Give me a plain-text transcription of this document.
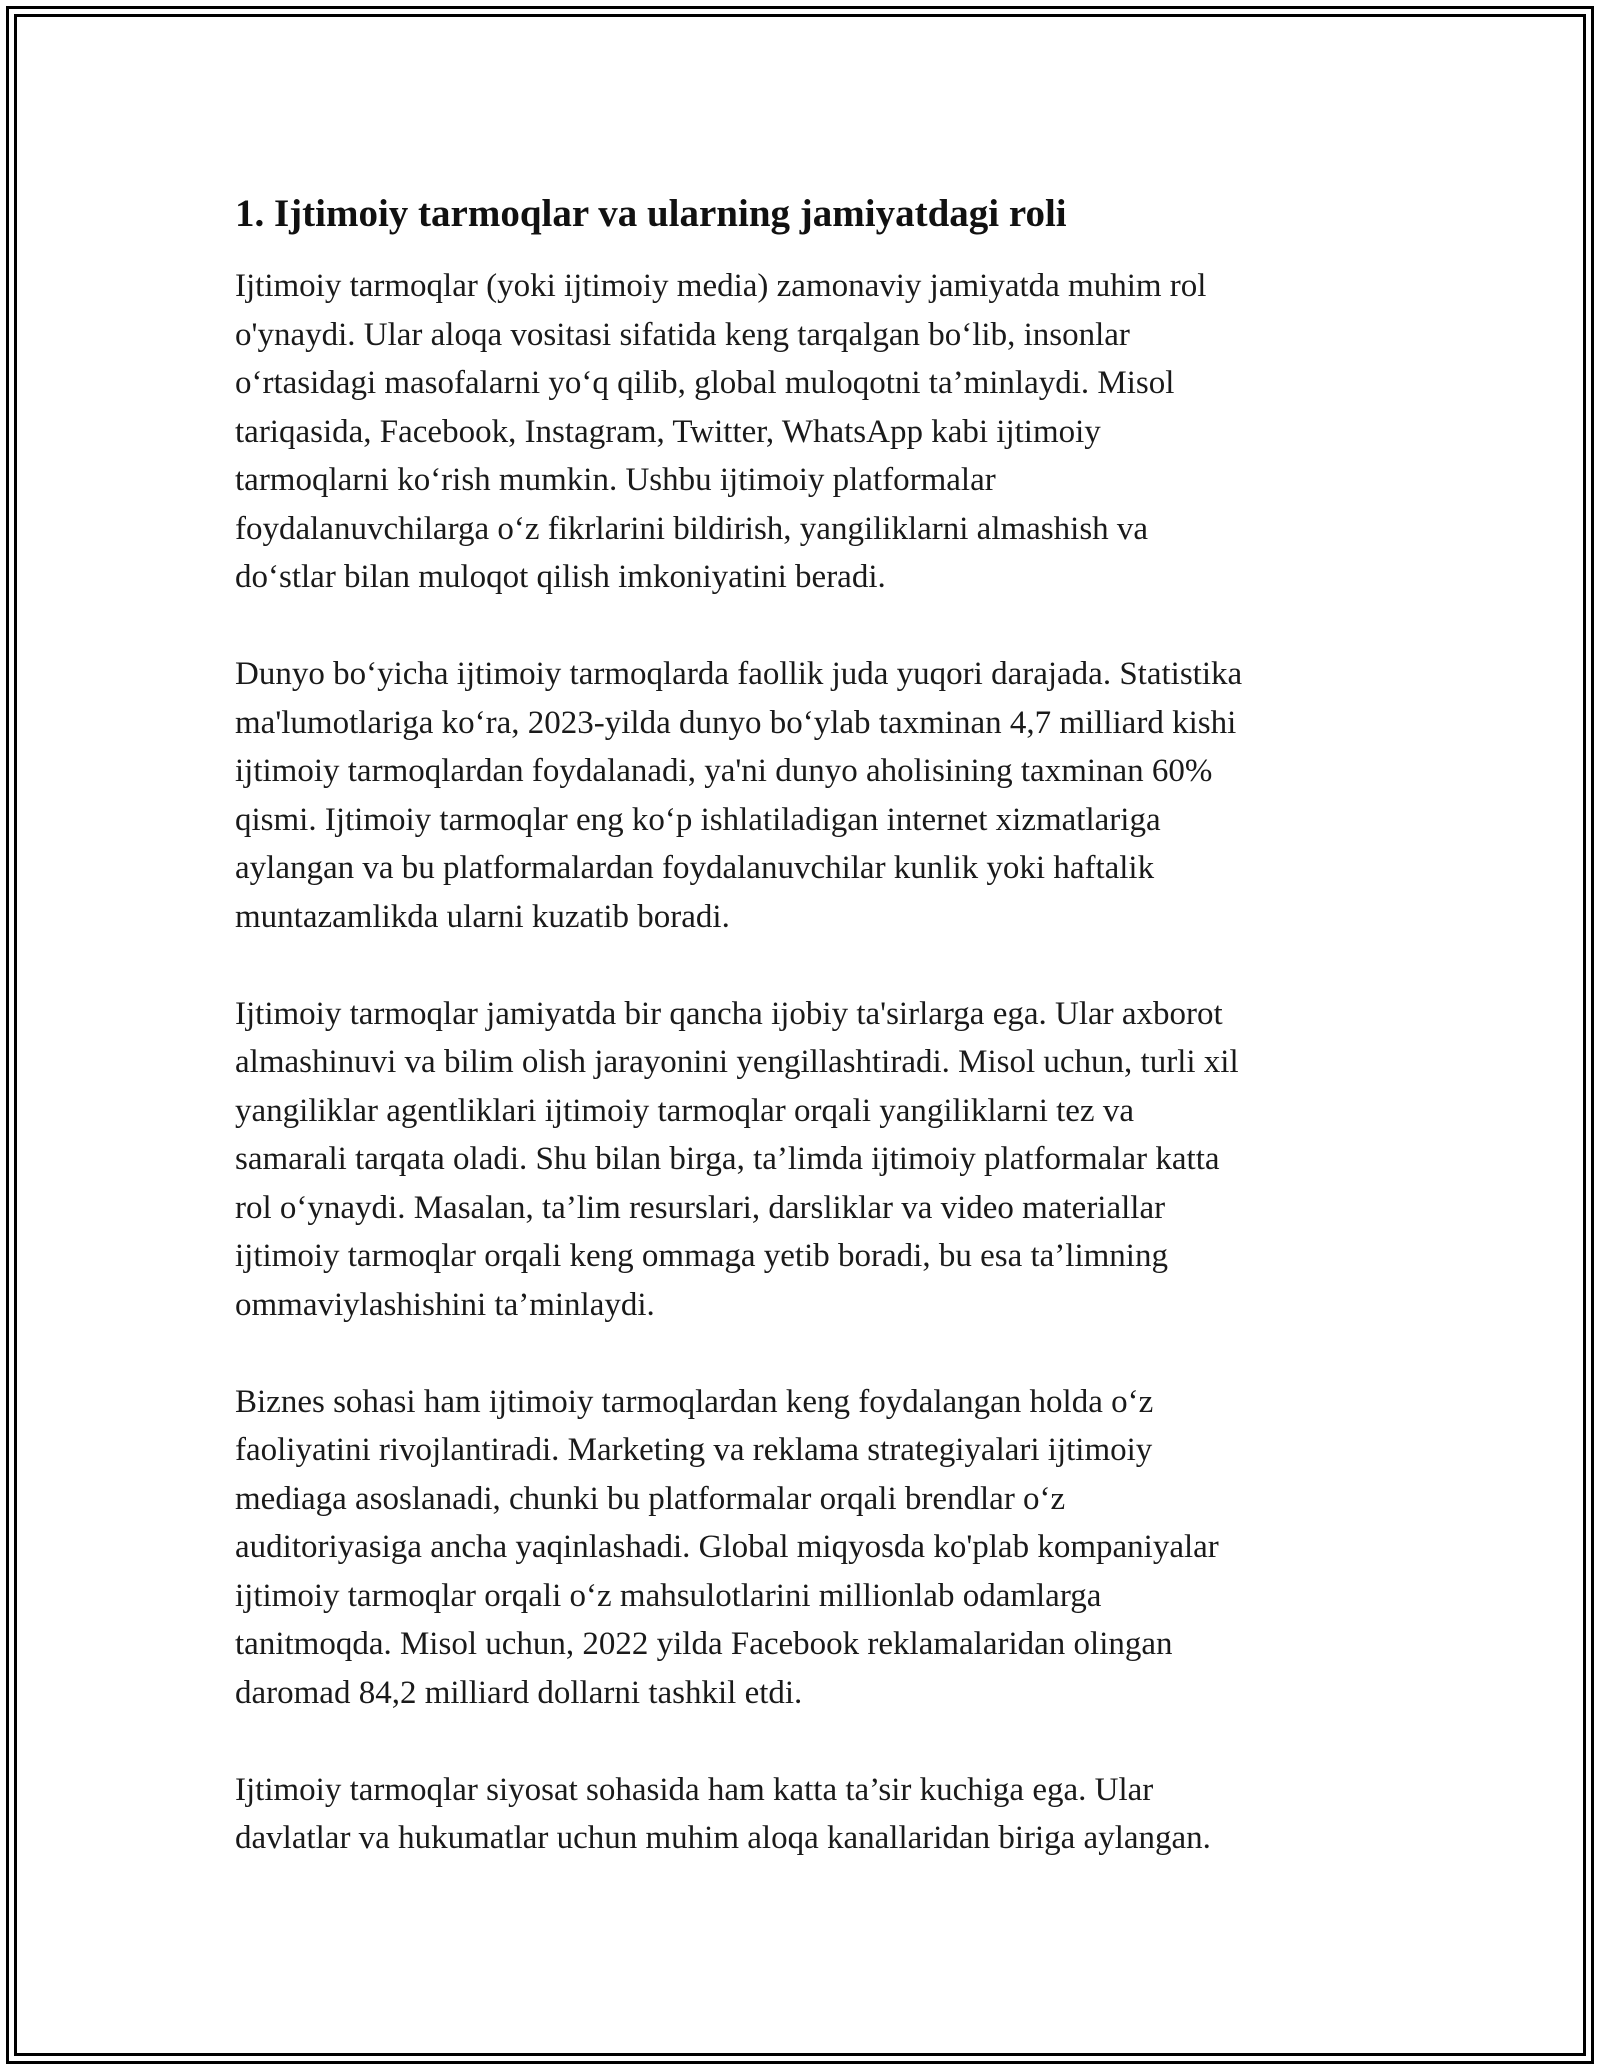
1. Ijtimoiy tarmoqlar va ularning jamiyatdagi roli

Ijtimoiy tarmoqlar (yoki ijtimoiy media) zamonaviy jamiyatda muhim rol
o'ynaydi. Ular aloqa vositasi sifatida keng tarqalgan bo‘lib, insonlar
o‘rtasidagi masofalarni yo‘q qilib, global muloqotni ta’minlaydi. Misol
tariqasida, Facebook, Instagram, Twitter, WhatsApp kabi ijtimoiy
tarmoqlarni ko‘rish mumkin. Ushbu ijtimoiy platformalar
foydalanuvchilarga o‘z fikrlarini bildirish, yangiliklarni almashish va
do‘stlar bilan muloqot qilish imkoniyatini beradi.

Dunyo bo‘yicha ijtimoiy tarmoqlarda faollik juda yuqori darajada. Statistika
ma'lumotlariga ko‘ra, 2023-yilda dunyo bo‘ylab taxminan 4,7 milliard kishi
ijtimoiy tarmoqlardan foydalanadi, ya'ni dunyo aholisining taxminan 60%
qismi. Ijtimoiy tarmoqlar eng ko‘p ishlatiladigan internet xizmatlariga
aylangan va bu platformalardan foydalanuvchilar kunlik yoki haftalik
muntazamlikda ularni kuzatib boradi.

Ijtimoiy tarmoqlar jamiyatda bir qancha ijobiy ta'sirlarga ega. Ular axborot
almashinuvi va bilim olish jarayonini yengillashtiradi. Misol uchun, turli xil
yangiliklar agentliklari ijtimoiy tarmoqlar orqali yangiliklarni tez va
samarali tarqata oladi. Shu bilan birga, ta’limda ijtimoiy platformalar katta
rol o‘ynaydi. Masalan, ta’lim resurslari, darsliklar va video materiallar
ijtimoiy tarmoqlar orqali keng ommaga yetib boradi, bu esa ta’limning
ommaviylashishini ta’minlaydi.

Biznes sohasi ham ijtimoiy tarmoqlardan keng foydalangan holda o‘z
faoliyatini rivojlantiradi. Marketing va reklama strategiyalari ijtimoiy
mediaga asoslanadi, chunki bu platformalar orqali brendlar o‘z
auditoriyasiga ancha yaqinlashadi. Global miqyosda ko'plab kompaniyalar
ijtimoiy tarmoqlar orqali o‘z mahsulotlarini millionlab odamlarga
tanitmoqda. Misol uchun, 2022 yilda Facebook reklamalaridan olingan
daromad 84,2 milliard dollarni tashkil etdi.

Ijtimoiy tarmoqlar siyosat sohasida ham katta ta’sir kuchiga ega. Ular
davlatlar va hukumatlar uchun muhim aloqa kanallaridan biriga aylangan.
